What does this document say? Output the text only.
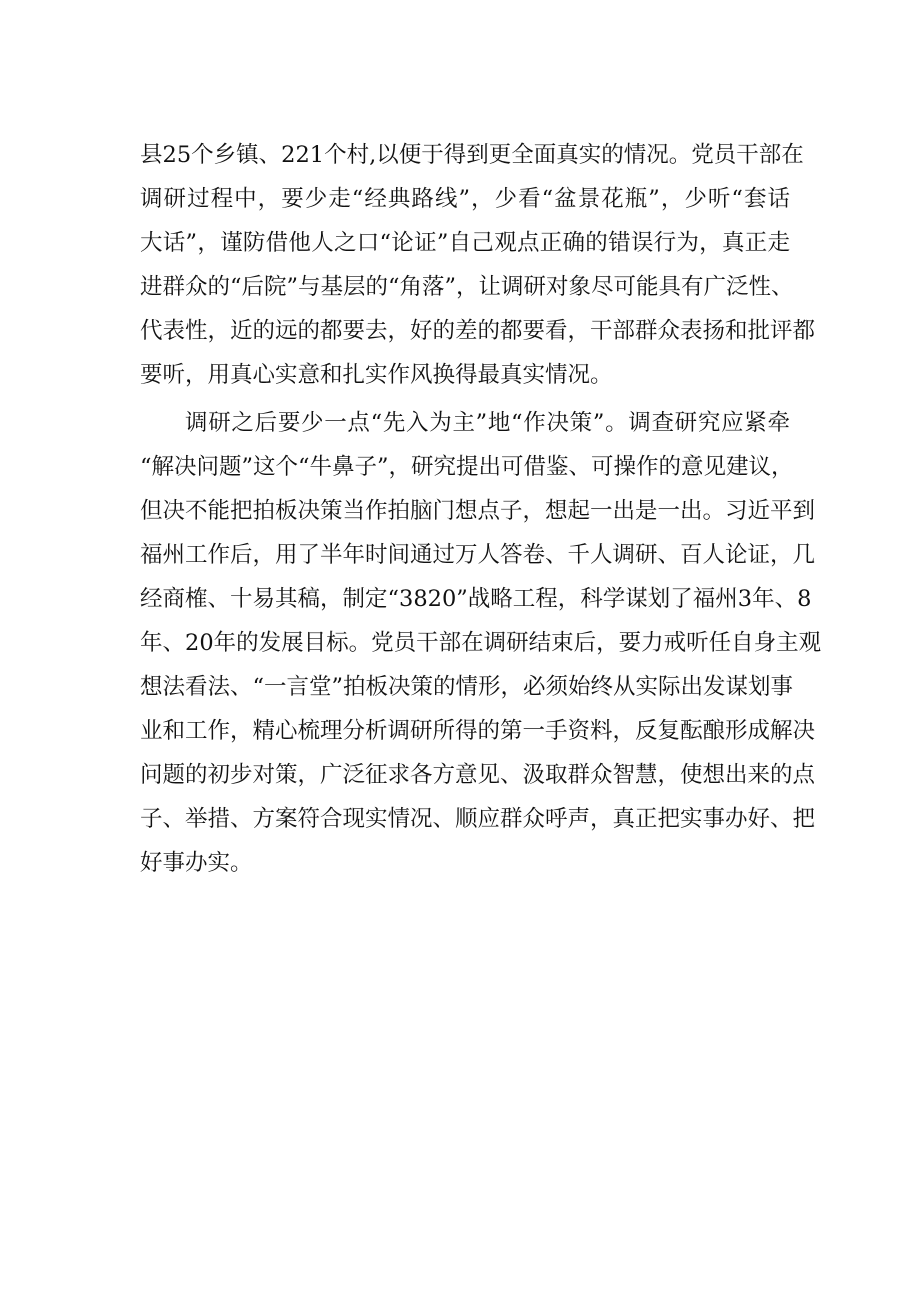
县25个乡镇、221个村,以便于得到更全面真实的情况。党员干部在
调研过程中，要少走“经典路线”，少看“盆景花瓶”，少听“套话
大话”，谨防借他人之口“论证”自己观点正确的错误行为，真正走
进群众的“后院”与基层的“角落”，让调研对象尽可能具有广泛性、
代表性，近的远的都要去，好的差的都要看，干部群众表扬和批评都
要听，用真心实意和扎实作风换得最真实情况。
调研之后要少一点“先入为主”地“作决策”。调查研究应紧牵
“解决问题”这个“牛鼻子”，研究提出可借鉴、可操作的意见建议，
但决不能把拍板决策当作拍脑门想点子，想起一出是一出。习近平到
福州工作后，用了半年时间通过万人答卷、千人调研、百人论证，几
经商榷、十易其稿，制定“3820”战略工程，科学谋划了福州3年、8
年、20年的发展目标。党员干部在调研结束后，要力戒听任自身主观
想法看法、“一言堂”拍板决策的情形，必须始终从实际出发谋划事
业和工作，精心梳理分析调研所得的第一手资料，反复酝酿形成解决
问题的初步对策，广泛征求各方意见、汲取群众智慧，使想出来的点
子、举措、方案符合现实情况、顺应群众呼声，真正把实事办好、把
好事办实。
